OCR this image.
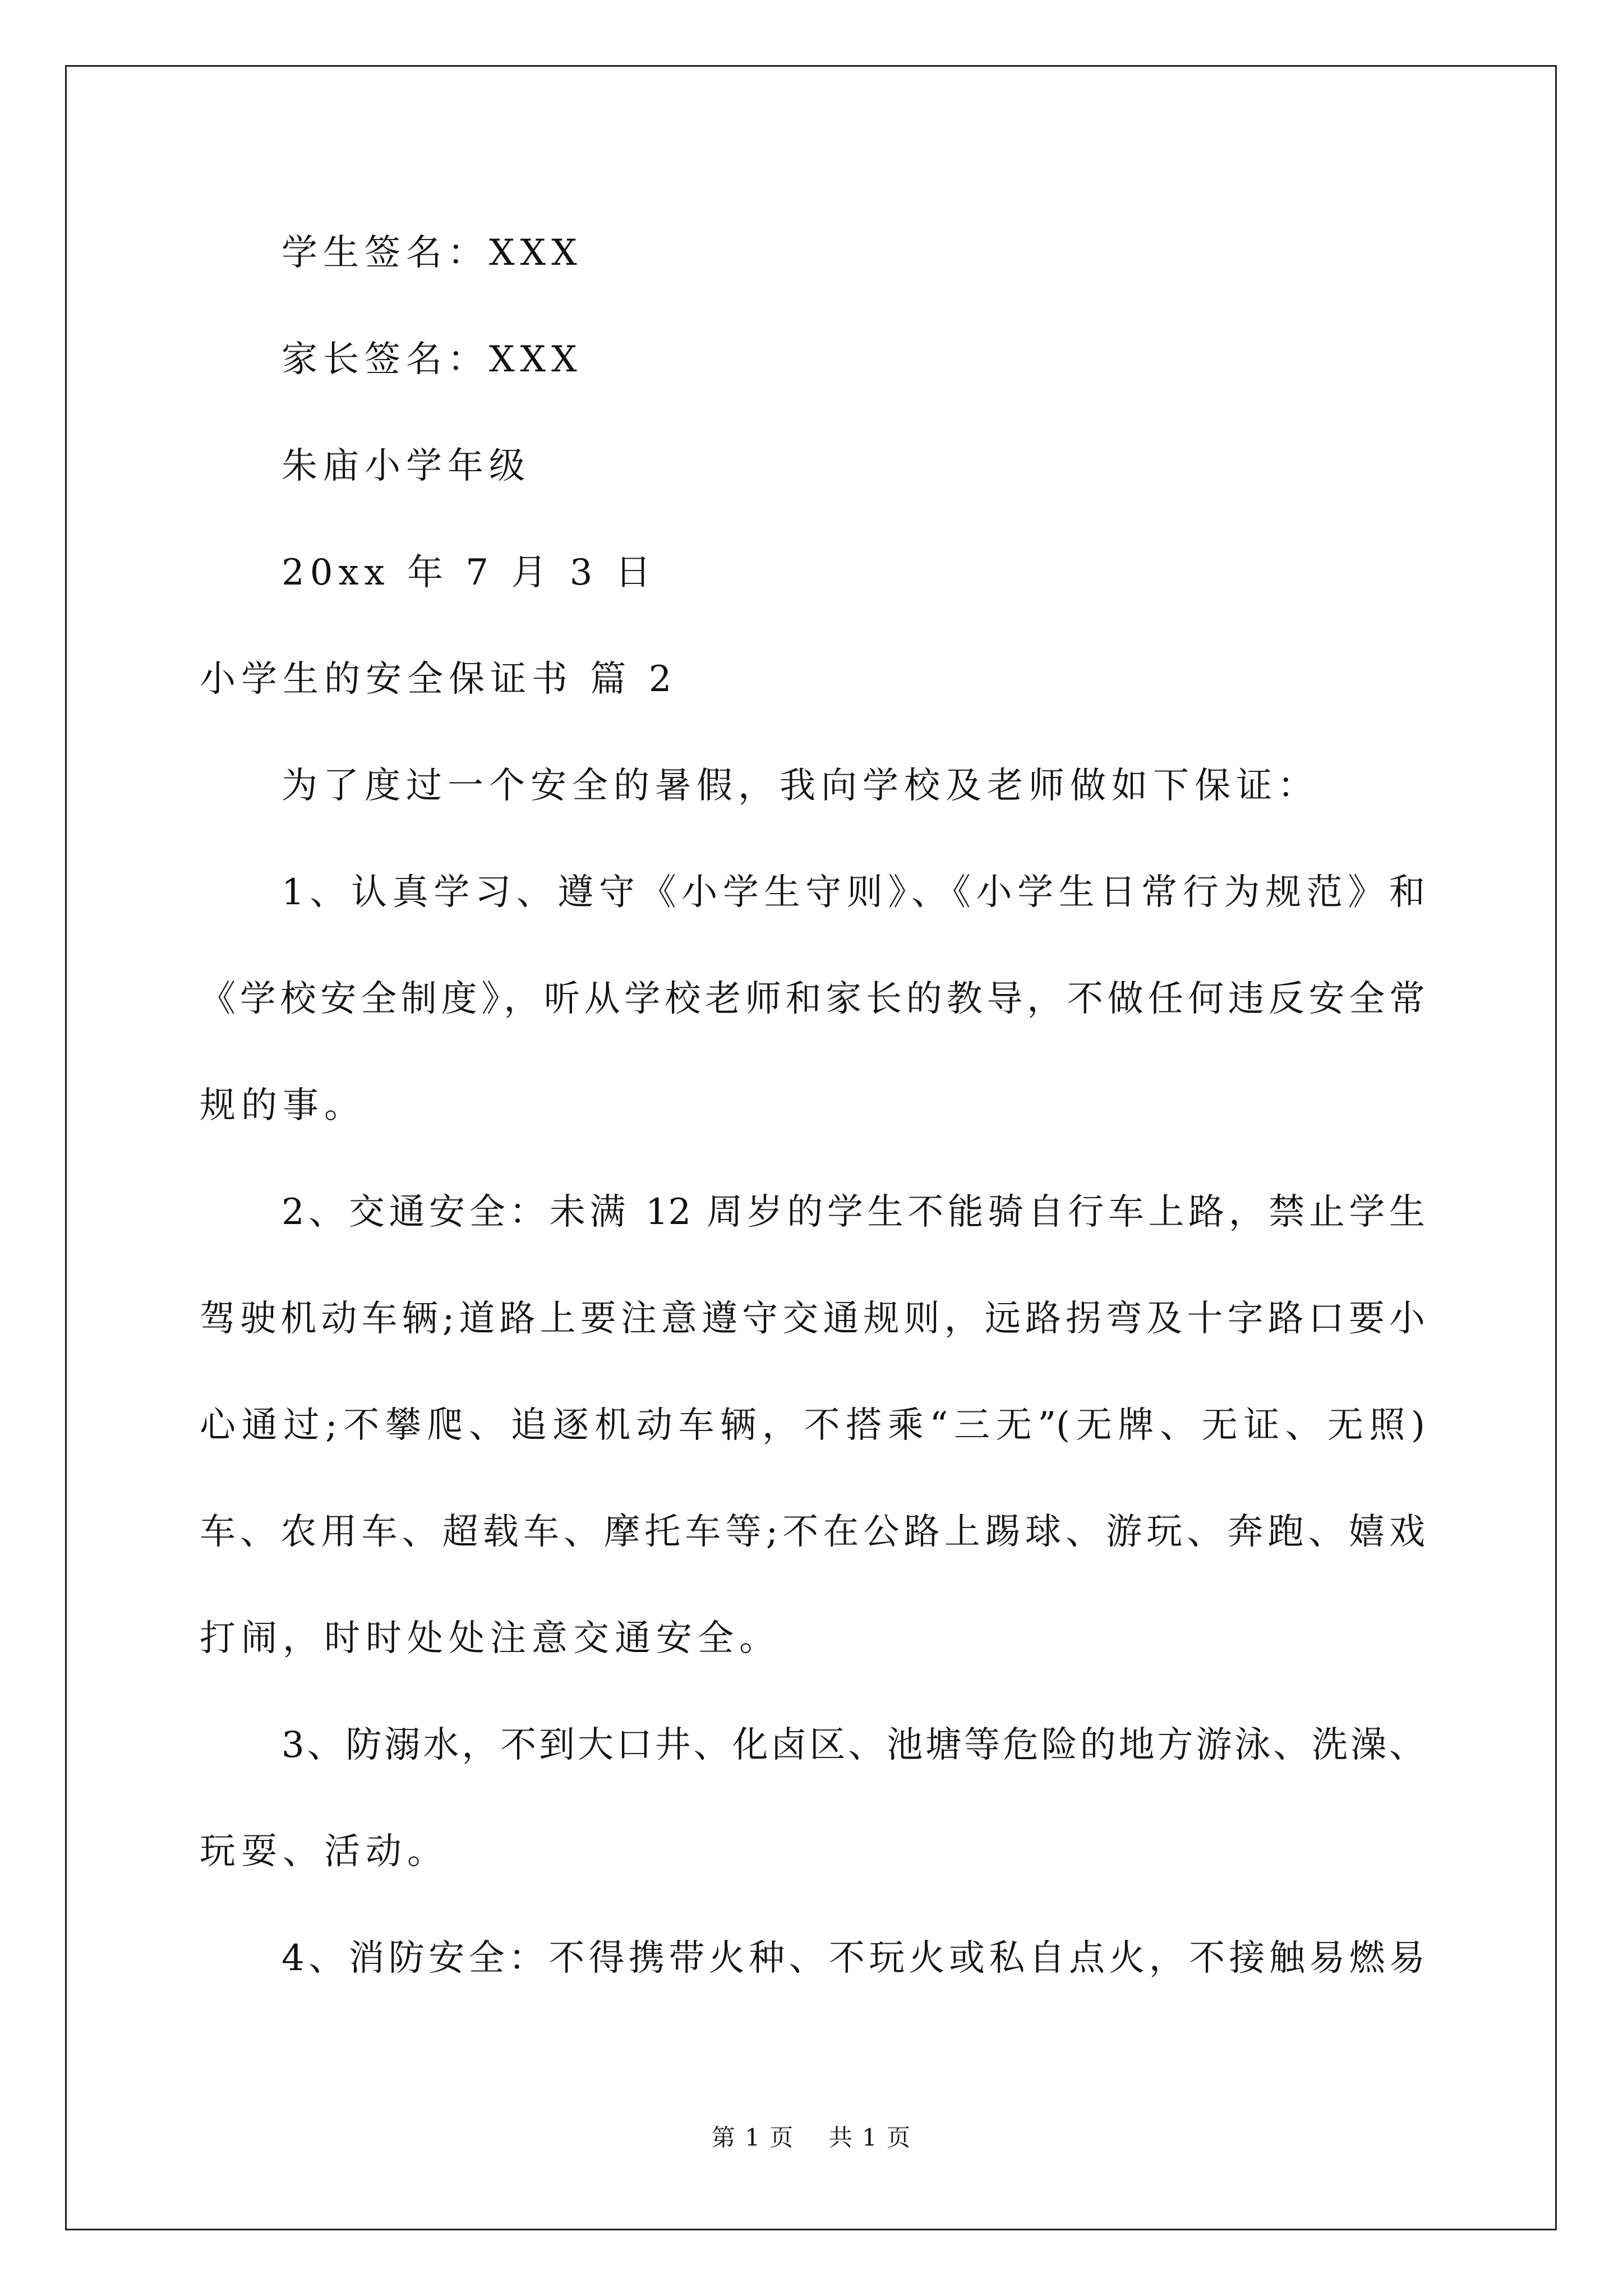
学生签名：XXX
家长签名：XXX
朱庙小学年级
20xx 年 7 月 3 日
小学生的安全保证书 篇 2
为了度过一个安全的暑假，我向学校及老师做如下保证：
1、认真学习、遵守《小学生守则》、《小学生日常行为规范》和
《学校安全制度》，听从学校老师和家长的教导，不做任何违反安全常
规的事。
2、交通安全：未满 12 周岁的学生不能骑自行车上路，禁止学生
驾驶机动车辆;道路上要注意遵守交通规则，远路拐弯及十字路口要小
心通过;不攀爬、追逐机动车辆，不搭乘“三无”(无牌、无证、无照)
车、农用车、超载车、摩托车等;不在公路上踢球、游玩、奔跑、嬉戏
打闹，时时处处注意交通安全。
3、防溺水，不到大口井、化卤区、池塘等危险的地方游泳、洗澡、
玩耍、活动。
4、消防安全：不得携带火种、不玩火或私自点火，不接触易燃易
第 1 页    共 1 页
